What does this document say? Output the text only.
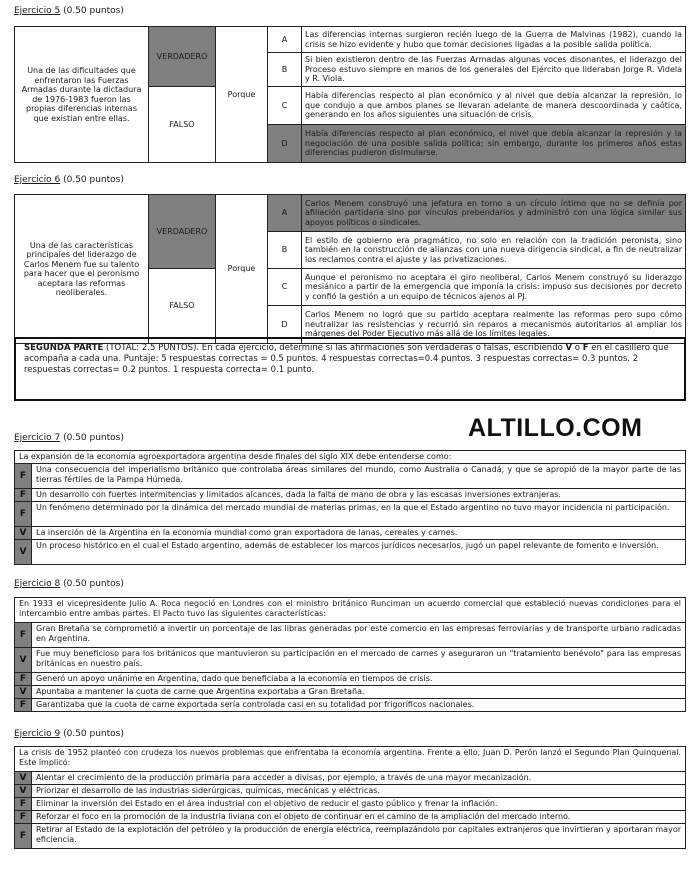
Ejercicio 5 (0.50 puntos)
Una de las dificultades que enfrentaron las Fuerzas Armadas durante la dictadura de 1976-1983 fueron las propias diferencias internas que existian entre ellas.	VERDADERO	Porque	A	Las diferencias internas surgieron recién luego de la Guerra de Malvinas (1982), cuando la crisis se hizo evidente y hubo que tomar decisiones ligadas a la posible salida política.
			B	Si bien existieron dentro de las Fuerzas Armadas algunas voces disonantes, el liderazgo del Proceso estuvo siempre en manos de los generales del Ejército que lideraban Jorge R. Videla y R. Viola.
	FALSO		C	Había diferencias respecto al plan económico y al nivel que debía alcanzar la represión, lo que condujo a que ambos planes se llevaran adelante de manera descoordinada y caótica, generando en los años siguientes una situación de crisis.
			D	Había diferencias respecto al plan económico, el nivel que debía alcanzar la represión y la negociación de una posible salida política; sin embargo, durante los primeros años estas diferencias pudieron disimularse.
Ejercicio 6 (0.50 puntos)
Una de las características principales del liderazgo de Carlos Menem fue su talento para hacer que el peronismo aceptara las reformas neoliberales.	VERDADERO	Porque	A	Carlos Menem construyó una jefatura en torno a un círculo íntimo que no se definía por afiliación partidaria sino por vínculos prebendarios y administró con una lógica similar sus apoyos políticos o sindicales.
			B	El estilo de gobierno era pragmático, no solo en relación con la tradición peronista, sino también en la construcción de alianzas con una nueva dirigencia sindical, a fin de neutralizar los reclamos contra el ajuste y las privatizaciones.
	FALSO		C	Aunque el peronismo no aceptara el giro neoliberal, Carlos Menem construyó su liderazgo mesiánico a partir de la emergencia que imponía la crisis: impuso sus decisiones por decreto y confió la gestión a un equipo de técnicos ajenos al PJ.
			D	Carlos Menem no logró que su partido aceptara realmente las reformas pero supo cómo neutralizar las resistencias y recurrió sin reparos a mecanismos autoritarios al ampliar los márgenes del Poder Ejecutivo más allá de los límites legales.
SEGUNDA PARTE (TOTAL: 2.5 PUNTOS). En cada ejercicio, determine si las afirmaciones son verdaderas o falsas, escribiendo V o F en el casillero que acompaña a cada una. Puntaje: 5 respuestas correctas = 0.5 puntos. 4 respuestas correctas=0.4 puntos. 3 respuestas correctas= 0.3 puntos. 2 respuestas correctas= 0.2 puntos. 1 respuesta correcta= 0.1 punto.
ALTILLO.COM
Ejercicio 7 (0.50 puntos)
La expansión de la economía agroexportadora argentina desde finales del siglo XIX debe entenderse como:	
F	Una consecuencia del imperialismo británico que controlaba áreas similares del mundo, como Australia o Canadá, y que se apropió de la mayor parte de las tierras fértiles de la Pampa Húmeda.
F	Un desarrollo con fuertes intermitencias y limitados alcances, dada la falta de mano de obra y las escasas inversiones extranjeras.
F	Un fenómeno determinado por la dinámica del mercado mundial de materias primas, en la que el Estado argentino no tuvo mayor incidencia ni participación.
V	La inserción de la Argentina en la economía mundial como gran exportadora de lanas, cereales y carnes.
V	Un proceso histórico en el cual el Estado argentino, además de establecer los marcos jurídicos necesarios, jugó un papel relevante de fomento e inversión.
Ejercicio 8 (0.50 puntos)
En 1933 el vicepresidente Julio A. Roca negoció en Londres con el ministro británico Runciman un acuerdo comercial que estableció nuevas condiciones para el intercambio entre ambas partes. El Pacto tuvo las siguientes características:	
F	Gran Bretaña se comprometió a invertir un porcentaje de las libras generadas por este comercio en las empresas ferroviarias y de transporte urbano radicadas en Argentina.
V	Fue muy beneficioso para los británicos que mantuvieron su participación en el mercado de carnes y aseguraron un "tratamiento benévolo" para las empresas británicas en nuestro país.
F	Generó un apoyo unánime en Argentina, dado que beneficiaba a la economía en tiempos de crisis.
V	Apuntaba a mantener la cuota de carne que Argentina exportaba a Gran Bretaña.
F	Garantizaba que la cuota de carne exportada sería controlada casi en su totalidad por frigoríficos nacionales.
Ejercicio 9 (0.50 puntos)
La crisis de 1952 planteó con crudeza los nuevos problemas que enfrentaba la economía argentina. Frente a ello, Juan D. Perón lanzó el Segundo Plan Quinquenal. Este implicó:	
V	Alentar el crecimiento de la producción primaria para acceder a divisas, por ejemplo, a través de una mayor mecanización.
V	Priorizar el desarrollo de las industrias siderúrgicas, químicas, mecánicas y eléctricas.
F	Eliminar la inversión del Estado en el área industrial con el objetivo de reducir el gasto público y frenar la inflación.
F	Reforzar el foco en la promoción de la industria liviana con el objeto de continuar en el camino de la ampliación del mercado interno.
F	Retirar al Estado de la explotación del petróleo y la producción de energía eléctrica, reemplazándolo por capitales extranjeros que invirtieran y aportaran mayor eficiencia.
